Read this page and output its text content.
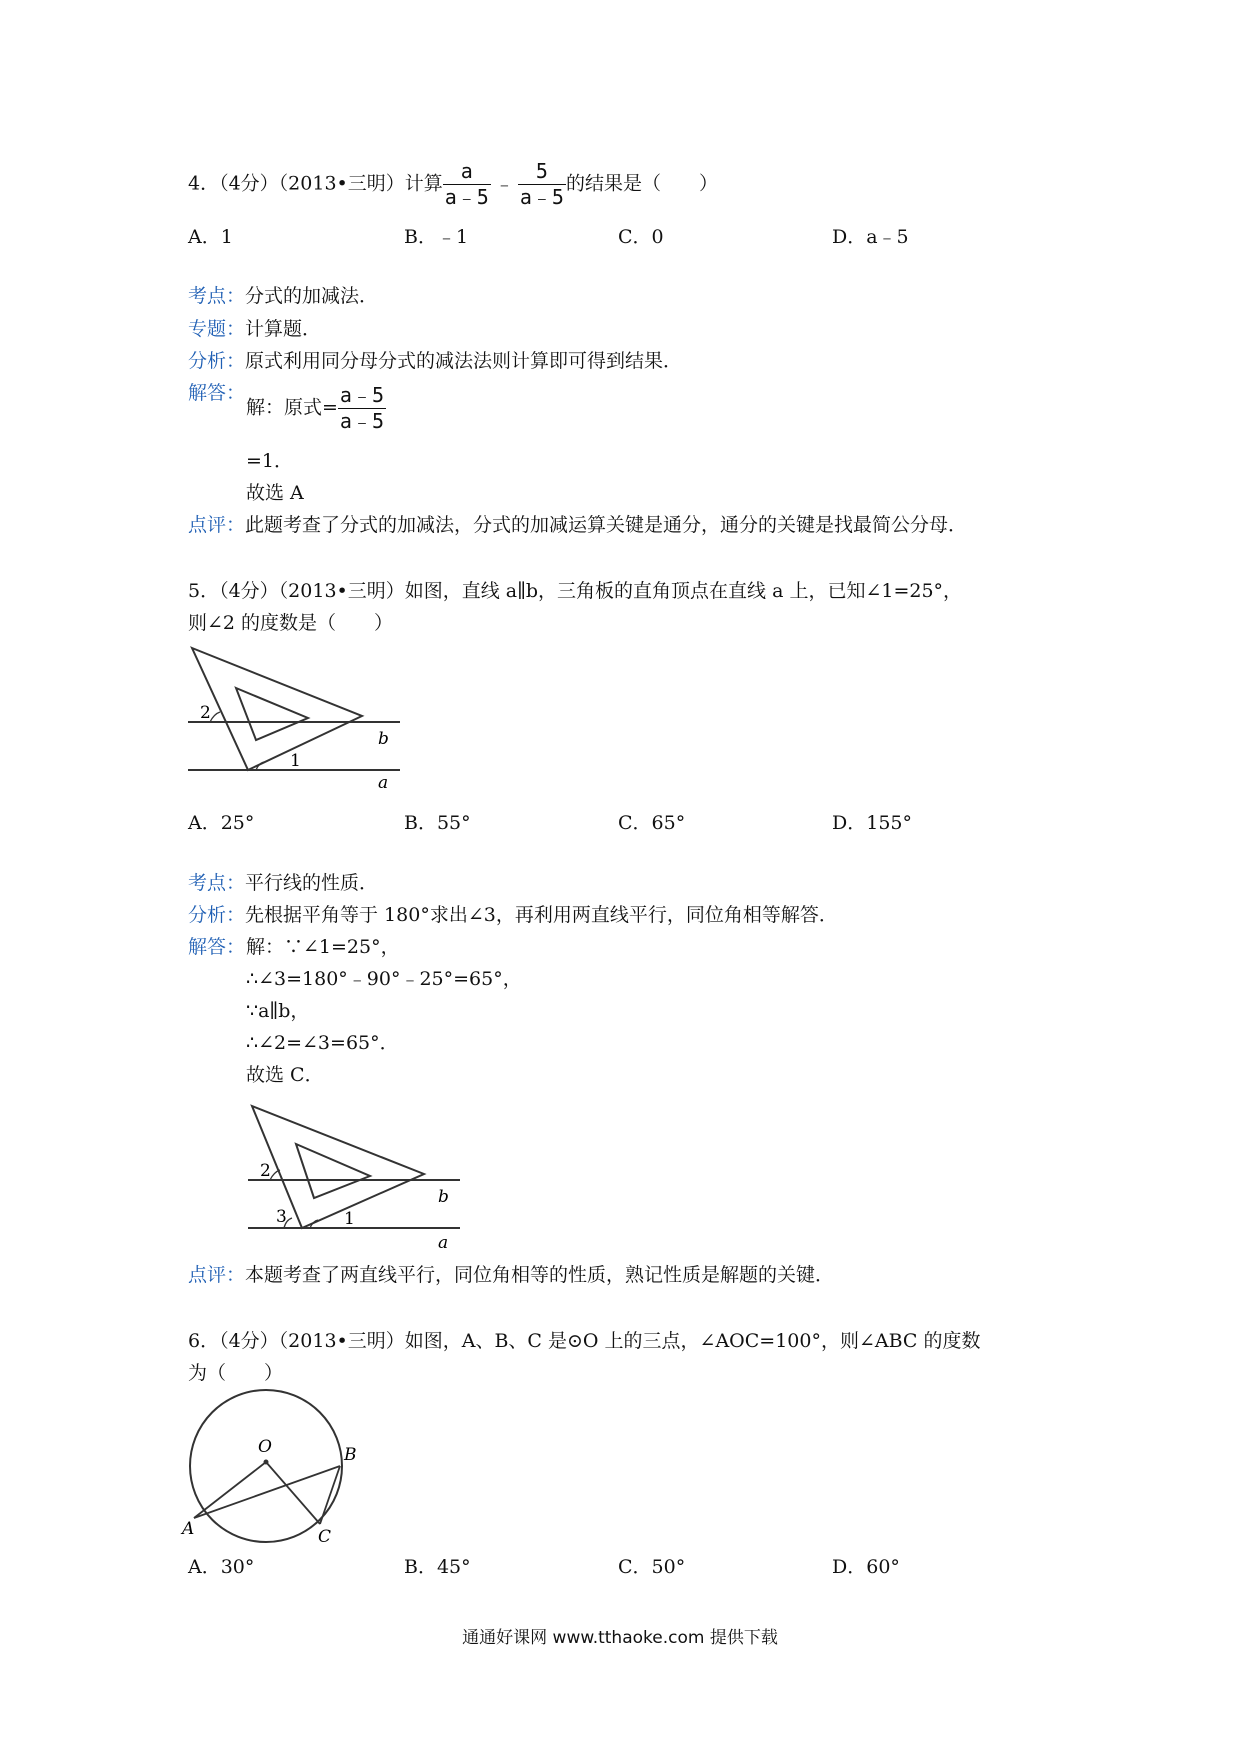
4．（4分）（2013•三明）计算 $\frac{a}{a﹣5}$ ﹣ $\frac{5}{a﹣5}$ 的结果是（　　）
A．1	B．﹣1	C．0	D．a﹣5
考点：分式的加减法．
专题：计算题．
分析：原式利用同分母分式的减法法则计算即可得到结果．
解答：
解：原式= $\frac{a﹣5}{a﹣5}$
=1．
故选 A
点评：此题考查了分式的加减法，分式的加减运算关键是通分，通分的关键是找最简公分母．
5．（4分）（2013•三明）如图，直线 a∥b，三角板的直角顶点在直线 a 上，已知∠1=25°，
则∠2 的度数是（　　）
2
1
b
a
A．25°	B．55°	C．65°	D．155°
考点：平行线的性质．
分析：先根据平角等于 180°求出∠3，再利用两直线平行，同位角相等解答．
解答： 解：∵∠1=25°，
∴∠3=180°﹣90°﹣25°=65°，
∵a∥b，
∴∠2=∠3=65°．
故选 C．
2
3	1
b
a
点评：本题考查了两直线平行，同位角相等的性质，熟记性质是解题的关键．
6．（4分）（2013•三明）如图，A、B、C 是⊙O 上的三点，∠AOC=100°，则∠ABC 的度数
为（　　）
O
A
B
C
A．30°	B．45°	C．50°	D．60°
通通好课网 www.tthaoke.com 提供下载
